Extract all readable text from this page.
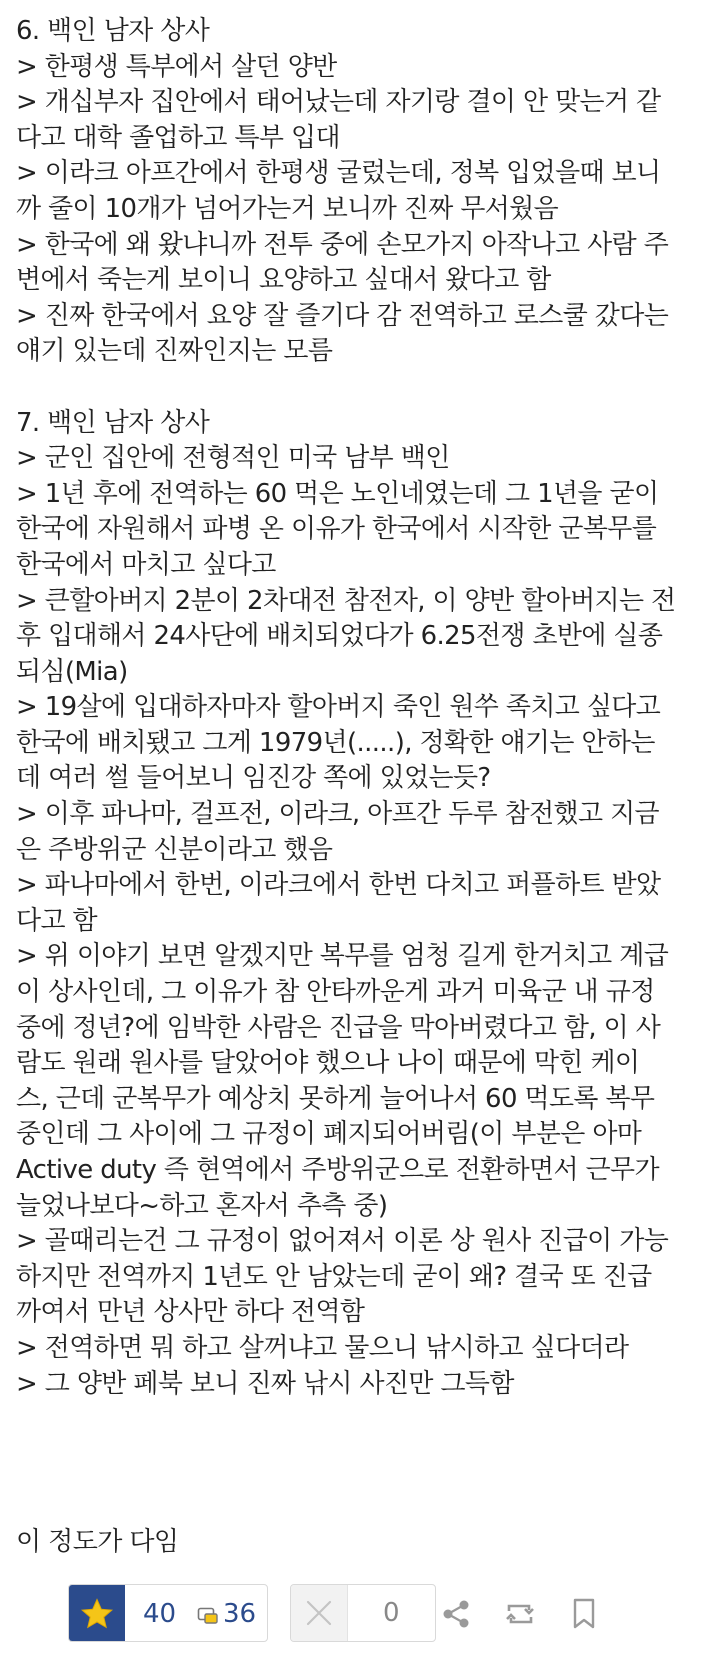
6. 백인 남자 상사
> 한평생 특부에서 살던 양반
> 개십부자 집안에서 태어났는데 자기랑 결이 안 맞는거 같
다고 대학 졸업하고 특부 입대
> 이라크 아프간에서 한평생 굴렀는데, 정복 입었을때 보니
까 줄이 10개가 넘어가는거 보니까 진짜 무서웠음
> 한국에 왜 왔냐니까 전투 중에 손모가지 아작나고 사람 주
변에서 죽는게 보이니 요양하고 싶대서 왔다고 함
> 진짜 한국에서 요양 잘 즐기다 감 전역하고 로스쿨 갔다는
얘기 있는데 진짜인지는 모름
7. 백인 남자 상사
> 군인 집안에 전형적인 미국 남부 백인
> 1년 후에 전역하는 60 먹은 노인네였는데 그 1년을 굳이
한국에 자원해서 파병 온 이유가 한국에서 시작한 군복무를
한국에서 마치고 싶다고
> 큰할아버지 2분이 2차대전 참전자, 이 양반 할아버지는 전
후 입대해서 24사단에 배치되었다가 6.25전쟁 초반에 실종
되심(Mia)
> 19살에 입대하자마자 할아버지 죽인 원쑤 족치고 싶다고
한국에 배치됐고 그게 1979년(.....), 정확한 얘기는 안하는
데 여러 썰 들어보니 임진강 쪽에 있었는듯?
> 이후 파나마, 걸프전, 이라크, 아프간 두루 참전했고 지금
은 주방위군 신분이라고 했음
> 파나마에서 한번, 이라크에서 한번 다치고 퍼플하트 받았
다고 함
> 위 이야기 보면 알겠지만 복무를 엄청 길게 한거치고 계급
이 상사인데, 그 이유가 참 안타까운게 과거 미육군 내 규정
중에 정년?에 임박한 사람은 진급을 막아버렸다고 함, 이 사
람도 원래 원사를 달았어야 했으나 나이 때문에 막힌 케이
스, 근데 군복무가 예상치 못하게 늘어나서 60 먹도록 복무
중인데 그 사이에 그 규정이 폐지되어버림(이 부분은 아마
Active duty 즉 현역에서 주방위군으로 전환하면서 근무가
늘었나보다~하고 혼자서 추측 중)
> 골때리는건 그 규정이 없어져서 이론 상 원사 진급이 가능
하지만 전역까지 1년도 안 남았는데 굳이 왜? 결국 또 진급
까여서 만년 상사만 하다 전역함
> 전역하면 뭐 하고 살꺼냐고 물으니 낚시하고 싶다더라
> 그 양반 페북 보니 진짜 낚시 사진만 그득함
이 정도가 다임
40 36	0
